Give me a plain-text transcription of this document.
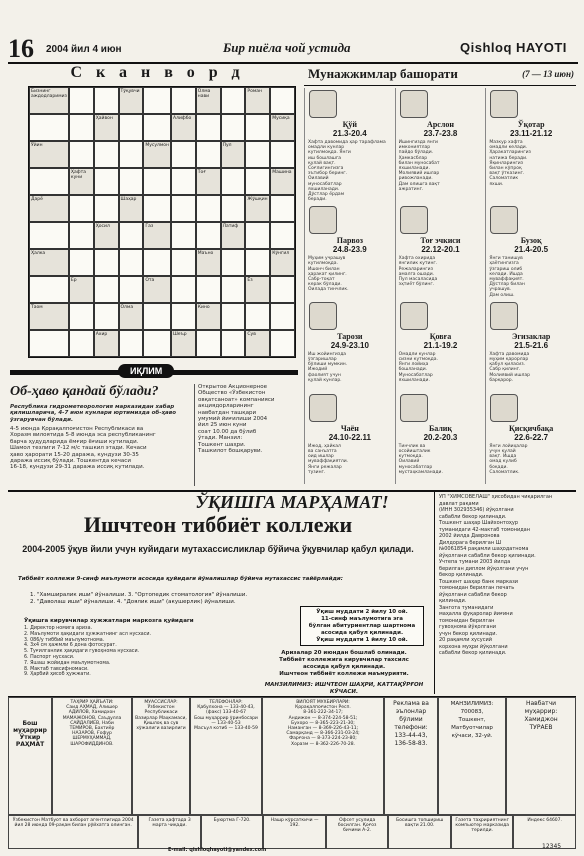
16 2004 йил 4 июн	Бир пиёла чой устида	Qishloq HAYOTI
Сканворд
Бизнинг аждодларимиз
Тўқувчи	Олма нави
Роман
Ҳайвон	Алифбо	Мусиқа
Ўйин	Мусулмон	Пул
Ҳафта куни
Тоғ	Машина
Дарё	Шаҳар	Жўшқин
Ҳосил	Газ	Латиф
Ҳалка	Маъно	Кўнгил
Ер	Ота	Ёз
Таом	Олма	Кино
Ахир	Шеър	Сув
Мунажжимлар башорати	(7 — 13 июн)
Қўй
21.3-20.4
Хафта давомида ҳар тарафлама
омадли кунлар
кутилмоқда. Янги
иш бошлашга
қулай вақт.
Соғлигингизга
эътибор беринг.
Оилавий
муносабатлар
яхшиланади.
Дўстлар ёрдам
беради.
Арслон
23.7-23.8
Ишингизда янги
имкониятлар
пайдо бўлади.
Ҳамкасблар
билан муносабат
яхшиланади.
Молиявий ишлар
ривожланади.
Дам олишга вақт
ажратинг.
Ўқотар
23.11-21.12
Мазкур хафта
омадли келади.
Ҳаракатларингиз
натижа беради.
Яқинларингиз
билан кўпроқ
вақт ўтказинг.
Саломатлик
яхши.
Парвоз
24.8-23.9
Муҳим учрашув
кутилмоқда.
Ишонч билан
ҳаракат қилинг.
Сабр-тоқат
керак бўлади.
Оилада тинчлик.
Тоғ эчкиси
22.12-20.1
Хафта охирида
янгилик кутинг.
Режаларингиз
амалга ошади.
Пул масаласида
эҳтиёт бўлинг.
Бузоқ
21.4-20.5
Янги танишув
ҳаётингизга
ўзгариш олиб
келади. Ишда
муваффақият.
Дўстлар билан
учрашув.
Дам олиш.
Тарози
24.9-23.10
Иш жойингизда
ўзгаришлар
бўлиши мумкин.
Ижодий
фаолият учун
қулай кунлар.
Қовға
21.1-19.2
Омадли кунлар
сизни кутмоқда.
Янги лойиҳа
бошланади.
Муносабатлар
яхшиланади.
Эгизаклар
21.5-21.6
Хафта давомида
муҳим қарорлар
қабул қиласиз.
Сабр қилинг.
Молиявий ишлар
барқарор.
Чаён
24.10-22.11
Ижод, ҳайкал
ва санъатга
оид ишлар
муваффақиятли.
Янги режалар
тузинг.
Балиқ
20.2-20.3
Тинчлик ва
осойишталик
кутмоқда.
Оилавий
муносабатлар
мустаҳкамланади.
Қисқичбақа
22.6-22.7
Янги лойиҳалар
учун қулай
вақт. Ишда
омад кулиб
боқади.
Саломатлик.
ИҚЛИМ
Об-ҳаво қандай бўлади?
Республика гидрометеорология марказидан хабар қилишларича, 4-7 июн кунлари юртимизда об-ҳаво ўзгарувчан бўлади.
4-5 июнда Қорақалпоғистон Республикаси ва
Хоразм вилоятида 5-8 июнда эса республиканинг
барча ҳудудларида ёмғир ёғиши кутилади.
Шамол тезлиги 7-12 м/с ташкил этади. Кечаси
ҳаво ҳарорати 15-20 даража, кундузи 30-35
даража иссиқ бўлади. Тошкентда кечаси
16-18, кундузи 29-31 даража иссиқ кутилади.
Открытое Акционерное
Общество «Ўзбекистон
овқатсаноат» компанияси
акциядорларининг
навбатдан ташқари
умумий йиғилиши 2004
йил 25 июн куни
соат 10.00 да бўлиб
ўтади. Манзил:
Тошкент шаҳри.
Ташкилот бошқаруви.
ЎҚИШГА МАРҲАМАТ!
Ишчтеон тиббиёт коллежи
2004-2005 ўқув йили учун куйидаги мутахассисликлар бўйича ўқувчилар қабул қилади.
Тиббиёт коллежи 9-синф маълумоти асосида қуйидаги йўналишлар бўйича мутахассис тайёрлайди:
1. "Хамширалик иши" йўналиши. 3. "Ортопедик стоматология" йўналиши.
2. "Даволаш иши" йўналиши. 4. "Доялик иши" (акушерлик) йўналиши.
Ўқиш муддати 2 йилу 10 ой.
11-синф маълумотига эга
бўлган абитуриентлар шартнома
асосида қабул қилинади.
Ўқиш муддати 1 йилу 10 ой.
Ўқишга кирувчилар хужжатлари маркозга қуйидаги
1. Директор номига ариза.
2. Маълумоти ҳақидаги ҳужжатнинг асл нусхаси.
3. 086/у тиббий маълумотнома.
4. 3х4 см ҳажмли 6 дона фотосурат.
5. Туғилганлик ҳақидаги гувоҳнома нусхаси.
6. Паспорт нусхаси.
7. Яшаш жойидан маълумотнома.
8. Мактаб тавсифномаси.
9. Ҳарбий ҳисоб ҳужжати.
Аризалар 20 июндан бошлаб олинади.
Тиббиёт коллежига кирувчилар тахсилс
асосида қабул қилинади.
Ишчтеон тиббиёт коллежи маъмурияти.
МАНЗИЛИМИЗ: ИШЧТЕОН ШАҲРИ, КАТТАҚЎРҒОН КЎЧАСИ.
УП "ХИМСОВЕЛАШ" ҳисобидан чиқарилган давлат рақами
(ИНН 302935346) йўқолгани
сабабли бекор қилинади.
Тошкент шаҳар Шайхонтоҳур
туманидаги 42-мактаб томонидан
2002 йилда Давронова
Дилдорага берилган Ш
№0061854 рақамли шаҳодатнома
йўқолгани сабабли бекор қилинади.
Учтепа тумани 2003 йилда
берилган диплом йўқолгани учун
бекор қилинади.
Тошкент шаҳар банк маркази
томонидан берилган печать
йўқолгани сабабли бекор
қилинади.
Зангота туманидаги
маҳалла фуқаролар йиғини
томонидан берилган
гувоҳнома йўқолгани
учун бекор қилинади.
20 рақамли хусусий
корхона муҳри йўқолгани
сабабли бекор қилинади.
Бош муҳаррир Ўткир РАҲМАТ
ТАҲРИР ҲАЙЪАТИ:
Саид АҲМАД, Алишер
АДИЛОВ, Хамидхон
МАМАЖОНОВ, Саъдулла
САЙДАЛИЕВ, Наби
ТЕМИРОВ, Бахтиёр
НАЗАРОВ, Ғофур
ШЕРМУҲАММАД,
ШАРОФИДДИНОВ.
МУАССИСЛАР:
Ўзбекистон
Республикаси
Вазирлар Маҳкамаси,
Қишлоқ ва сув
хўжалиги вазирлиги
ТЕЛЕФОНЛАР:
Қабулхона — 133-40-43,
(факс) 133-40-67
Бош муҳаррир ўринбосари
— 133-40-53
Масъул котиб — 133-40-59
ВИЛОЯТ МУХБИРЛАРИ:
Қорақалпоғистон Респ.
8-361-222-34-17;
Андижон — 8-374-224-58-51;
Бухоро — 8-365-223-21-30;
Наманган — 8-369-226-43-11;
Самарқанд — 8-366-231-03-24;
Фарғона — 8-373-224-23-80;
Хоразм — 8-362-226-70-28.
Реклама ва
эълонлар
бўлими
телефони:
133-44-43,
136-58-83.
МАНЗИЛИМИЗ:
700083,
Тошкент,
Матбуотчилар
кўчаси, 32-уй.
Навбатчи
муҳаррир:
Хамиджон
ТУРАЕВ
Ўзбекистон Матбуот ва ахборот агентлигида 2004 йил 28 июнда 09-рақам билан рўйхатга олинган.
Газета ҳафтада 3 марта чиқади.
Буюртма Г-720.	Нашр кўрсаткичи — 192.
Офсет усулида босилган. Қоғоз бичими А-2.
Босишга топшириш вақти 21.00.
Газета таҳририятнинг компьютер марказида терилди.
Индекс 64607.
E-mail: qishloqhayoti@yandex.com	12345
